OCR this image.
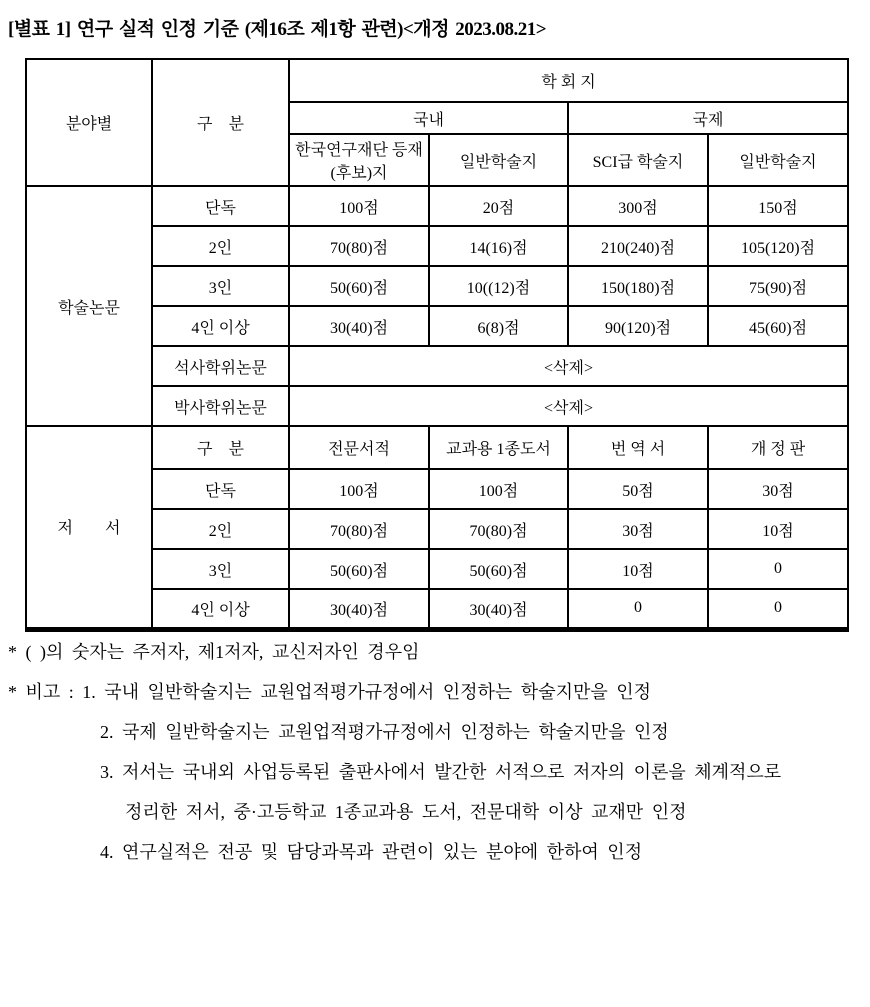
[별표 1] 연구 실적 인정 기준 (제16조 제1항 관련)<개정 2023.08.21>
분야별	구　분	학 회 지			
		국내		국제	
		한국연구재단 등재(후보)지	일반학술지	SCI급 학술지	일반학술지
학술논문	단독	100점	20점	300점	150점
	2인	70(80)점	14(16)점	210(240)점	105(120)점
	3인	50(60)점	10((12)점	150(180)점	75(90)점
	4인 이상	30(40)점	6(8)점	90(120)점	45(60)점
	석사학위논문	<삭제>			
	박사학위논문	<삭제>			
저　　서	구　분	전문서적	교과용 1종도서	번 역 서	개 정 판
	단독	100점	100점	50점	30점
	2인	70(80)점	70(80)점	30점	10점
	3인	50(60)점	50(60)점	10점	0
	4인 이상	30(40)점	30(40)점	0	0
* ( )의 숫자는 주저자, 제1저자, 교신저자인 경우임
* 비고 : 1. 국내 일반학술지는 교원업적평가규정에서 인정하는 학술지만을 인정
2. 국제 일반학술지는 교원업적평가규정에서 인정하는 학술지만을 인정
3. 저서는 국내외 사업등록된 출판사에서 발간한 서적으로 저자의 이론을 체계적으로
정리한 저서, 중·고등학교 1종교과용 도서, 전문대학 이상 교재만 인정
4. 연구실적은 전공 및 담당과목과 관련이 있는 분야에 한하여 인정
